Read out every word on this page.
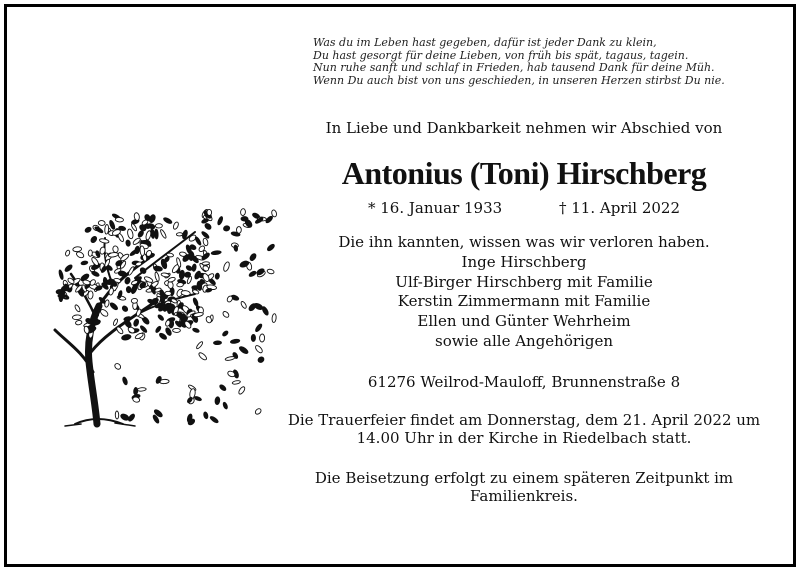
Was du im Leben hast gegeben, dafür ist jeder Dank zu klein,
Du hast gesorgt für deine Lieben, von früh bis spät, tagaus, tagein.
Nun ruhe sanft und schlaf in Frieden, hab tausend Dank für deine Müh.
Wenn Du auch bist von uns geschieden, in unseren Herzen stirbst Du nie.
In Liebe und Dankbarkeit nehmen wir Abschied von
Antonius (Toni) Hirschberg
* 16. Januar 1933	† 11. April 2022
Die ihn kannten, wissen was wir verloren haben.
Inge Hirschberg
Ulf-Birger Hirschberg mit Familie
Kerstin Zimmermann mit Familie
Ellen und Günter Wehrheim
sowie alle Angehörigen
61276 Weilrod-Mauloff, Brunnenstraße 8
Die Trauerfeier findet am Donnerstag, dem 21. April 2022 um
14.00 Uhr in der Kirche in Riedelbach statt.
Die Beisetzung erfolgt zu einem späteren Zeitpunkt im
Familienkreis.
